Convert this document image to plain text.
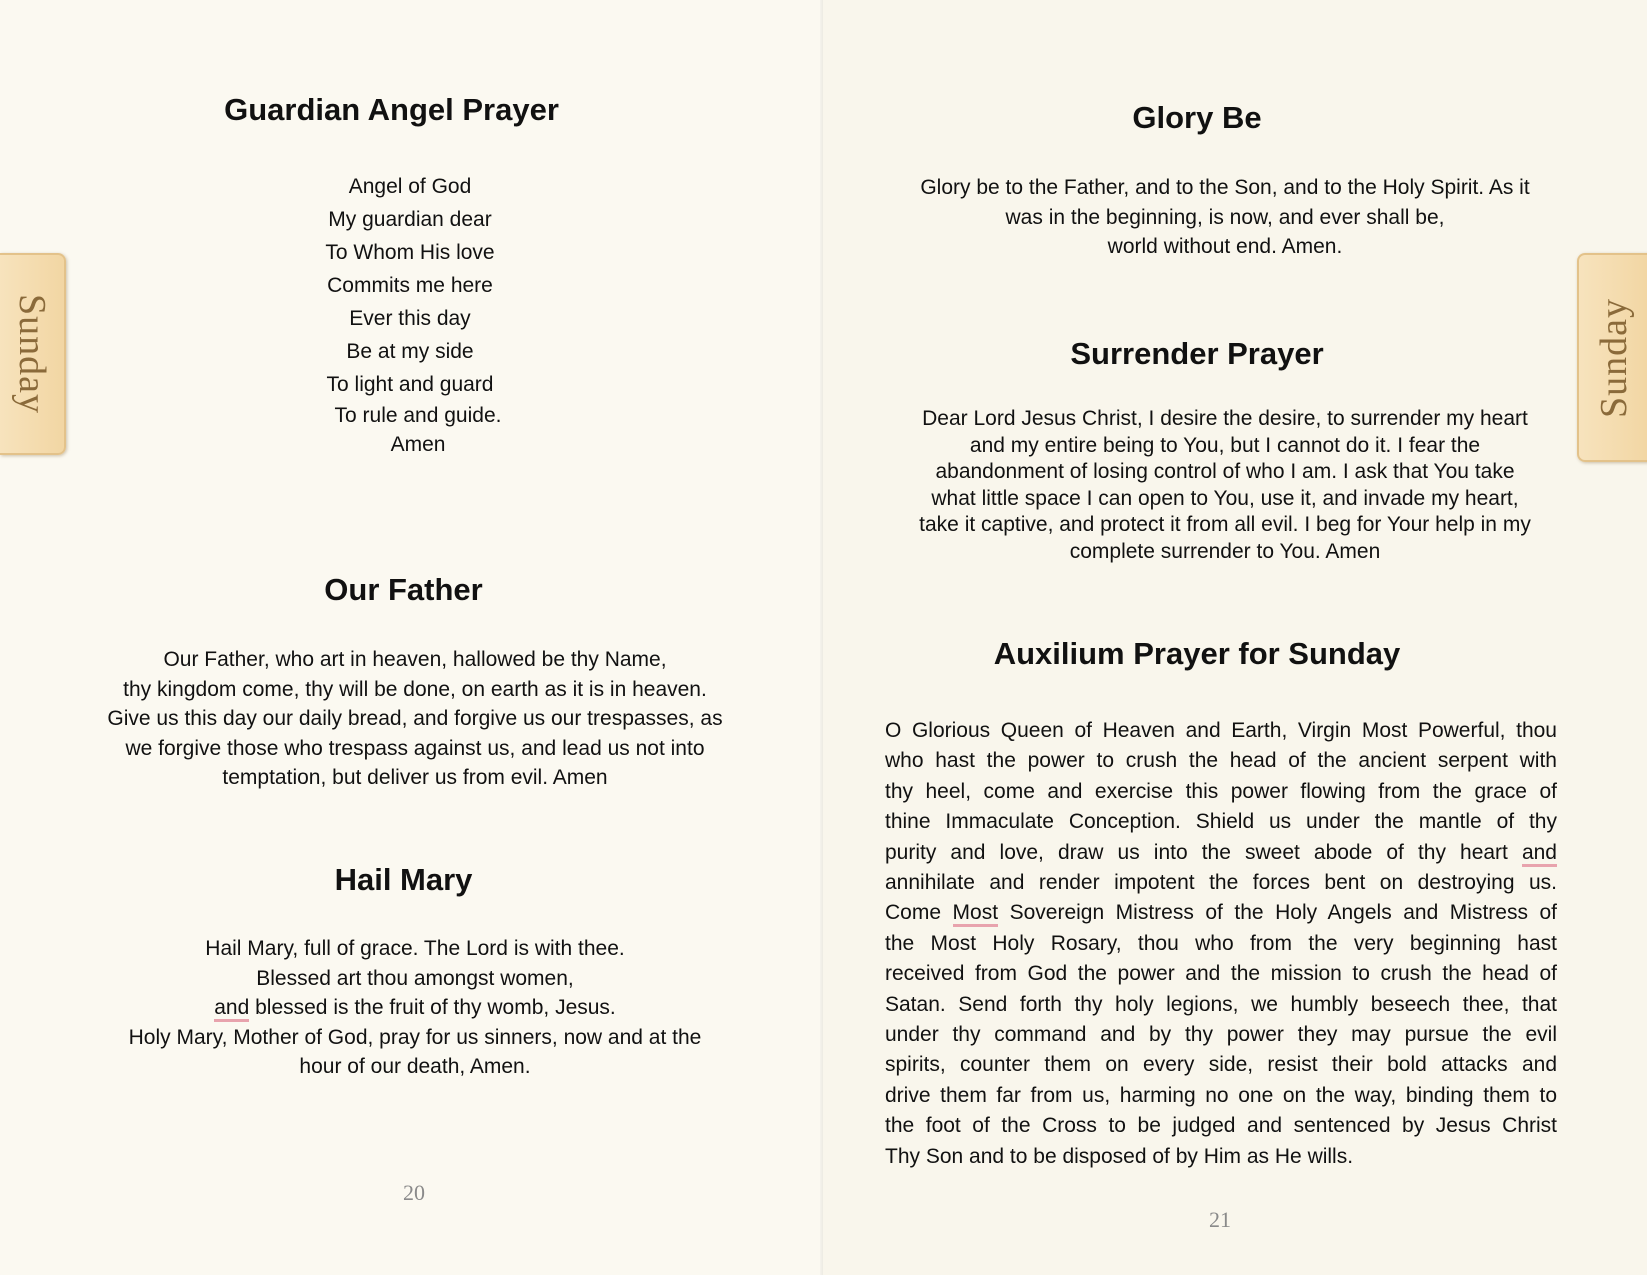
Sunday
Guardian Angel Prayer
Angel of God
My guardian dear
To Whom His love
Commits me here
Ever this day
Be at my side
To light and guard
To rule and guide.
Amen
Our Father
Our Father, who art in heaven, hallowed be thy Name,
thy kingdom come, thy will be done, on earth as it is in heaven.
Give us this day our daily bread, and forgive us our trespasses, as
we forgive those who trespass against us, and lead us not into
temptation, but deliver us from evil. Amen
Hail Mary
Hail Mary, full of grace. The Lord is with thee.
Blessed art thou amongst women,
and blessed is the fruit of thy womb, Jesus.
Holy Mary, Mother of God, pray for us sinners, now and at the
hour of our death, Amen.
20
Glory Be
Glory be to the Father, and to the Son, and to the Holy Spirit. As it
was in the beginning, is now, and ever shall be,
world without end. Amen.
Surrender Prayer
Dear Lord Jesus Christ, I desire the desire, to surrender my heart
and my entire being to You, but I cannot do it. I fear the
abandonment of losing control of who I am. I ask that You take
what little space I can open to You, use it, and invade my heart,
take it captive, and protect it from all evil. I beg for Your help in my
complete surrender to You. Amen
Auxilium Prayer for Sunday
O Glorious Queen of Heaven and Earth, Virgin Most Powerful, thou
who hast the power to crush the head of the ancient serpent with
thy heel, come and exercise this power flowing from the grace of
thine Immaculate Conception. Shield us under the mantle of thy
purity and love, draw us into the sweet abode of thy heart and
annihilate and render impotent the forces bent on destroying us.
Come Most Sovereign Mistress of the Holy Angels and Mistress of
the Most Holy Rosary, thou who from the very beginning hast
received from God the power and the mission to crush the head of
Satan. Send forth thy holy legions, we humbly beseech thee, that
under thy command and by thy power they may pursue the evil
spirits, counter them on every side, resist their bold attacks and
drive them far from us, harming no one on the way, binding them to
the foot of the Cross to be judged and sentenced by Jesus Christ
Thy Son and to be disposed of by Him as He wills.
21
Sunday
